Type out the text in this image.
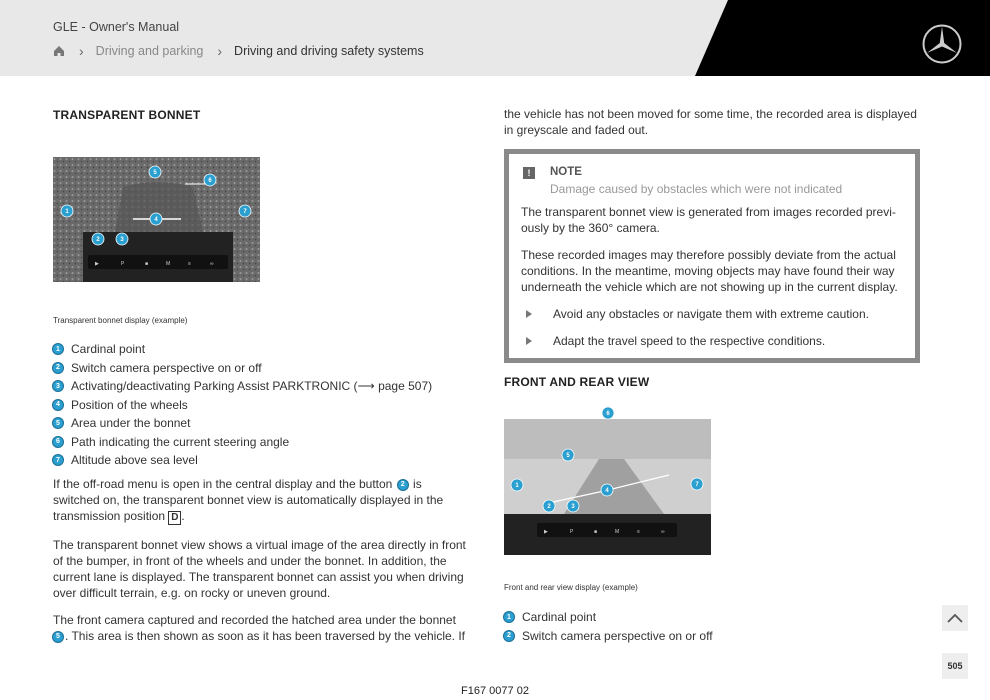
GLE - Owner's Manual
› Driving and parking › Driving and driving safety systems
TRANSPARENT BONNET
▶	P	■	M	≡	∞
5
6
1
4
7
2	3
Transparent bonnet display (example)
1 Cardinal point
2 Switch camera perspective on or off
3 Activating/deactivating Parking Assist PARKTRONIC (⟶ page 507)
4 Position of the wheels
5 Area under the bonnet
6 Path indicating the current steering angle
7 Altitude above sea level
If the off-road menu is open in the central display and the button 2 is
switched on, the transparent bonnet view is automatically displayed in the
transmission position D .
The transparent bonnet view shows a virtual image of the area directly in front
of the bumper, in front of the wheels and under the bonnet. In addition, the
current lane is displayed. The transparent bonnet can assist you when driving
over difficult terrain, e.g. on rocky or uneven ground.
The front camera captured and recorded the hatched area under the bonnet
5 . This area is then shown as soon as it has been traversed by the vehicle. If
the vehicle has not been moved for some time, the recorded area is displayed
in greyscale and faded out.
!	NOTE
Damage caused by obstacles which were not indicated

The transparent bonnet view is generated from images recorded previ-
ously by the 360° camera.

These recorded images may therefore possibly deviate from the actual
conditions. In the meantime, moving objects may have found their way
underneath the vehicle which are not showing up in the current display.

Avoid any obstacles or navigate them with extreme caution.
Adapt the travel speed to the respective conditions.
FRONT AND REAR VIEW
▶	P	■	M	≡	∞
6
5
1
4
7
2	3
Front and rear view display (example)
1 Cardinal point
2 Switch camera perspective on or off
505
F167 0077 02
